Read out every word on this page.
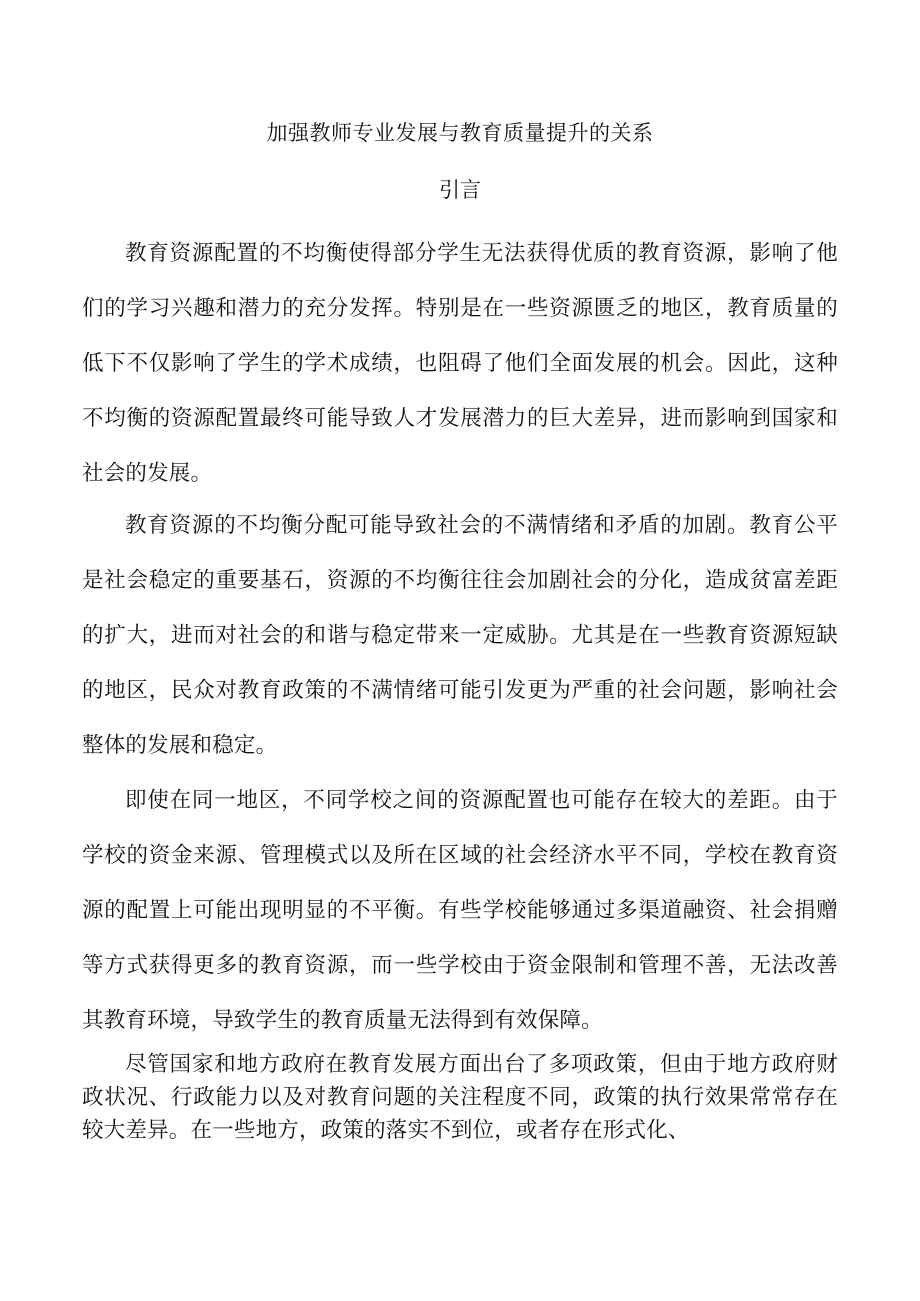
加强教师专业发展与教育质量提升的关系
引言

教育资源配置的不均衡使得部分学生无法获得优质的教育资源，影响了他们的学习兴趣和潜力的充分发挥。特别是在一些资源匮乏的地区，教育质量的低下不仅影响了学生的学术成绩，也阻碍了他们全面发展的机会。因此，这种不均衡的资源配置最终可能导致人才发展潜力的巨大差异，进而影响到国家和社会的发展。

教育资源的不均衡分配可能导致社会的不满情绪和矛盾的加剧。教育公平是社会稳定的重要基石，资源的不均衡往往会加剧社会的分化，造成贫富差距的扩大，进而对社会的和谐与稳定带来一定威胁。尤其是在一些教育资源短缺的地区，民众对教育政策的不满情绪可能引发更为严重的社会问题，影响社会整体的发展和稳定。

即使在同一地区，不同学校之间的资源配置也可能存在较大的差距。由于学校的资金来源、管理模式以及所在区域的社会经济水平不同，学校在教育资源的配置上可能出现明显的不平衡。有些学校能够通过多渠道融资、社会捐赠等方式获得更多的教育资源，而一些学校由于资金限制和管理不善，无法改善其教育环境，导致学生的教育质量无法得到有效保障。

尽管国家和地方政府在教育发展方面出台了多项政策，但由于地方政府财政状况、行政能力以及对教育问题的关注程度不同，政策的执行效果常常存在较大差异。在一些地方，政策的落实不到位，或者存在形式化、
